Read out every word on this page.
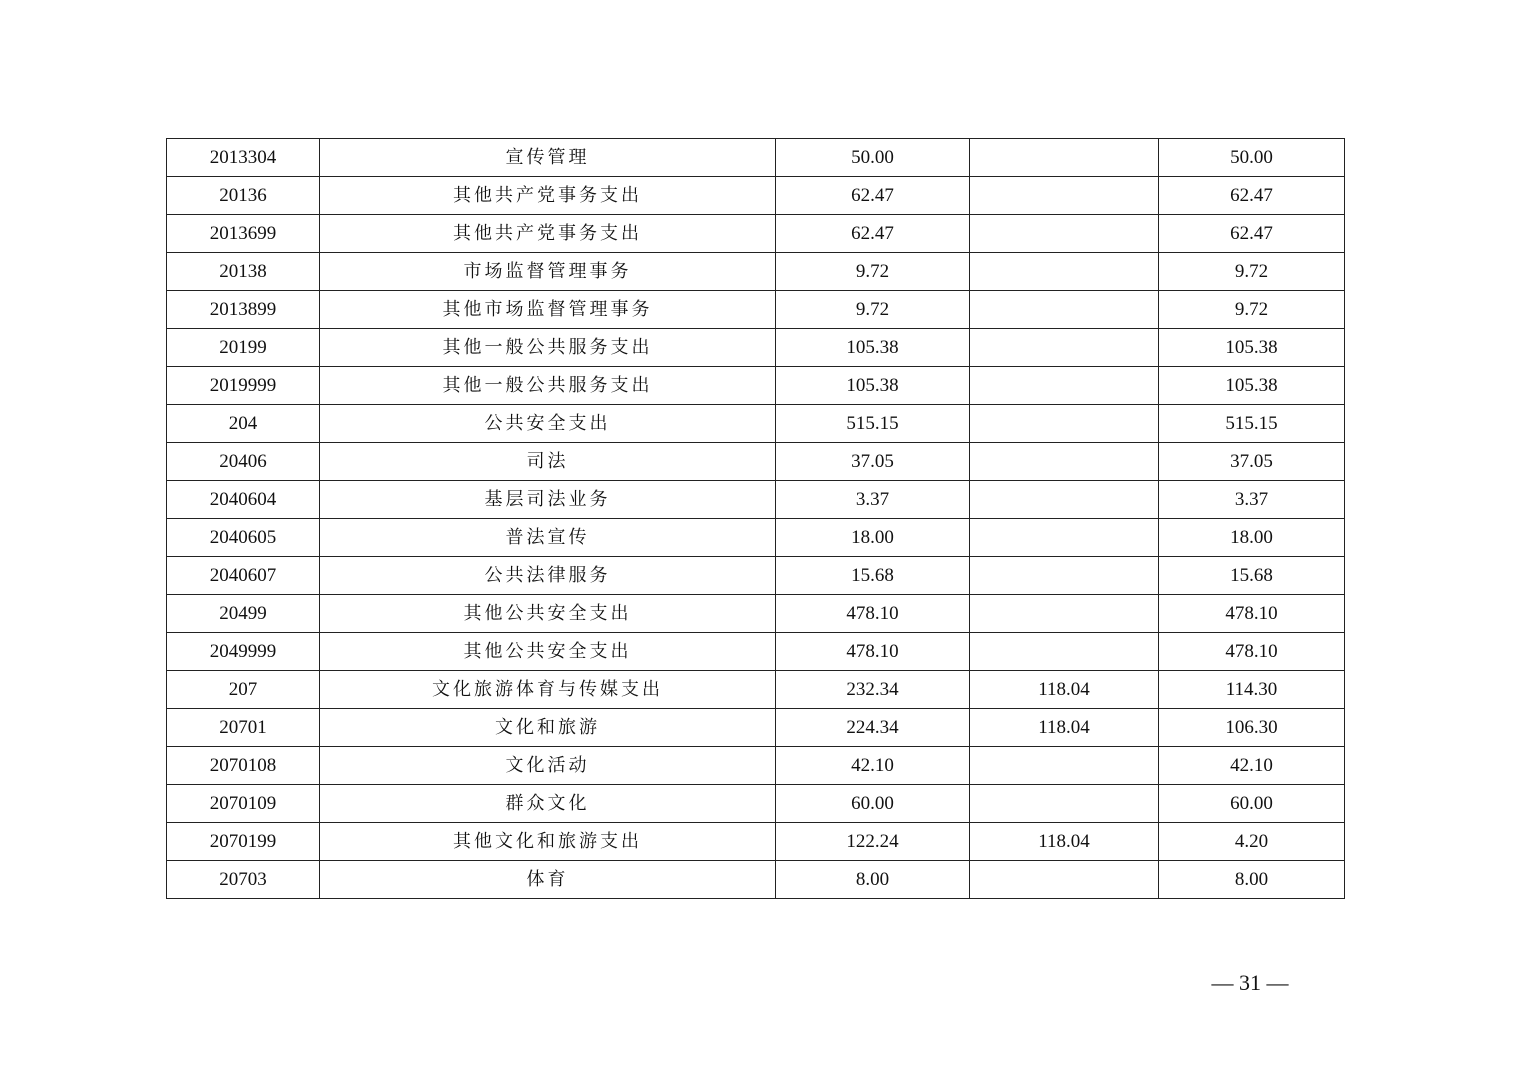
2013304	宣传管理	50.00		50.00
20136	其他共产党事务支出	62.47		62.47
2013699	其他共产党事务支出	62.47		62.47
20138	市场监督管理事务	9.72		9.72
2013899	其他市场监督管理事务	9.72		9.72
20199	其他一般公共服务支出	105.38		105.38
2019999	其他一般公共服务支出	105.38		105.38
204	公共安全支出	515.15		515.15
20406	司法	37.05		37.05
2040604	基层司法业务	3.37		3.37
2040605	普法宣传	18.00		18.00
2040607	公共法律服务	15.68		15.68
20499	其他公共安全支出	478.10		478.10
2049999	其他公共安全支出	478.10		478.10
207	文化旅游体育与传媒支出	232.34	118.04	114.30
20701	文化和旅游	224.34	118.04	106.30
2070108	文化活动	42.10		42.10
2070109	群众文化	60.00		60.00
2070199	其他文化和旅游支出	122.24	118.04	4.20
20703	体育	8.00		8.00
— 31 —
